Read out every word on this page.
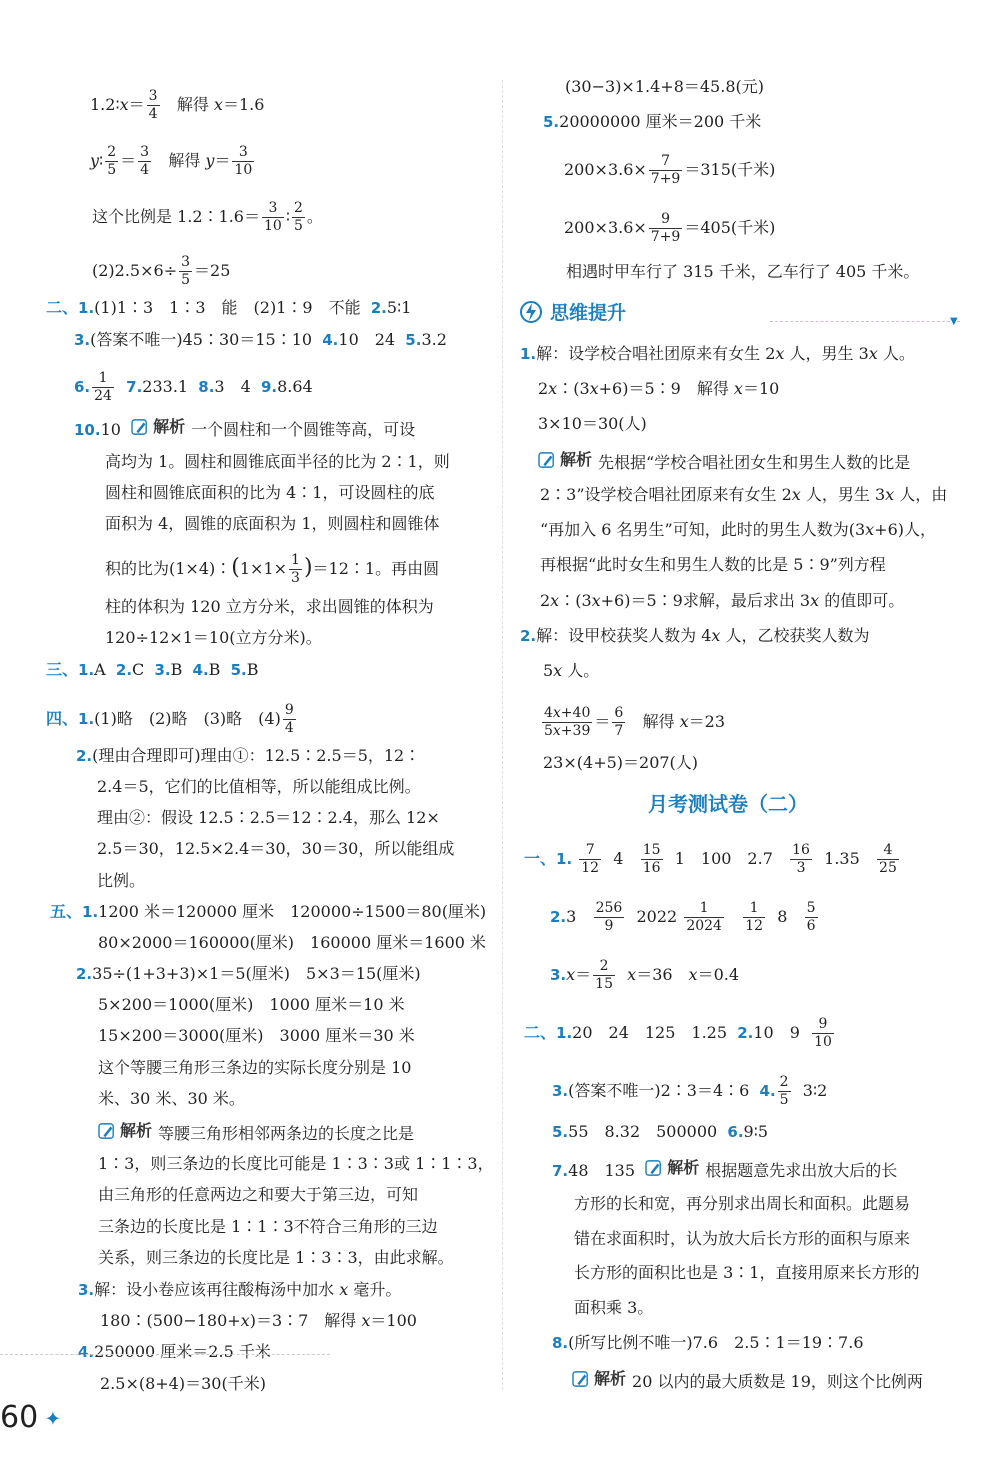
1.2∶𝑥＝ $\frac{3}{4}$ 解得 𝑥＝1.6
𝑦∶ $\frac{2}{5} = \frac{3}{4}$ 解得 𝑦＝ $\frac{3}{10}$
这个比例是 1.2∶1.6＝ $\frac{3}{10}$ ∶ $\frac{2}{5}$ 。
$(2)2.5\times 6\div \frac{3}{5} =25$
二、1.(1)1∶3　1∶3　能　(2)1∶9　不能 2.5∶1
3.(答案不唯一)45∶30＝15∶10 4.10　24 5.3.2
6. $\frac{1}{24} 7.233.1$ 8.3　4 9.8.64
10.10 解析 一个圆柱和一个圆锥等高，可设
高均为 1。圆柱和圆锥底面半径的比为 2∶1，则
圆柱和圆锥底面积的比为 4∶1，可设圆柱的底
面积为 4，圆锥的底面积为 1，则圆柱和圆锥体
积的比为(1×4)∶(1×1× $\frac{1}{3}$ )＝12∶1。再由圆
柱的体积为 120 立方分米，求出圆锥的体积为
120÷12×1＝10(立方分米)。
三、1.A 2.C 3.B 4.B 5.B
四、1.(1)略　(2)略　(3)略　$(4) \frac{9}{4}$
2.(理由合理即可)理由①：12.5∶2.5＝5，12∶
2.4＝5，它们的比值相等，所以能组成比例。
理由②：假设 12.5∶2.5＝12∶2.4，那么 12×
2.5＝30，12.5×2.4＝30，30＝30，所以能组成
比例。
五、1.1200 米＝120000 厘米　120000÷1500＝80(厘米)
80×2000＝160000(厘米)　160000 厘米＝1600 米
2.35÷(1+3+3)×1＝5(厘米)　5×3＝15(厘米)
5×200＝1000(厘米)　1000 厘米＝10 米
15×200＝3000(厘米)　3000 厘米＝30 米
这个等腰三角形三条边的实际长度分别是 10
米、30 米、30 米。
解析 等腰三角形相邻两条边的长度之比是
1∶3，则三条边的长度比可能是 1∶3∶3或 1∶1∶3，
由三角形的任意两边之和要大于第三边，可知
三条边的长度比是 1∶1∶3不符合三角形的三边
关系，则三条边的长度比是 1∶3∶3，由此求解。
3.解：设小卷应该再往酸梅汤中加水 𝑥 毫升。
180∶(500−180+𝑥)＝3∶7　解得 𝑥＝100
4.250000 厘米＝2.5 千米
2.5×(8+4)＝30(千米)
60 ✦
(30−3)×1.4+8＝45.8(元)
5.20000000 厘米＝200 千米
$200\times 3.6\times \frac{7}{7+9} =315$(千米)
$200\times 3.6\times \frac{9}{7+9} =405$(千米)
相遇时甲车行了 315 千米，乙车行了 405 千米。
思维提升	▼
1.解：设学校合唱社团原来有女生 2𝑥 人，男生 3𝑥 人。
2𝑥∶(3𝑥+6)＝5∶9　解得 𝑥＝10
3×10＝30(人)
解析 先根据“学校合唱社团女生和男生人数的比是
2∶3”设学校合唱社团原来有女生 2𝑥 人，男生 3𝑥 人，由
“再加入 6 名男生”可知，此时的男生人数为(3𝑥+6)人，
再根据“此时女生和男生人数的比是 5∶9”列方程
2𝑥∶(3𝑥+6)＝5∶9求解，最后求出 3𝑥 的值即可。
2.解：设甲校获奖人数为 4𝑥 人，乙校获奖人数为
5𝑥 人。
4𝑥+40
5𝑥+39 ＝ $\frac{6}{7}$ 解得 𝑥＝23
23×(4+5)＝207(人)
月考测试卷（二）
一、1. $\frac{7}{12} 4 \frac{15}{16} 1$　100　$2.7 \frac{16}{3} 1.35 \frac{4}{25}$
$2.3 \frac{256}{9} 2022 \frac{1}{2024}$
$\frac{1}{12} 8 \frac{5}{6}$
3.𝑥＝ $\frac{2}{15}$ 𝑥＝36　𝑥＝0.4
二、1.20　24　125　1.25 2.10　$9 \frac{9}{10}$
3.(答案不唯一)2∶3＝4∶6 4. $\frac{2}{5}$ 3∶2
5.55　8.32　500000 6.9∶5
7.48　135 解析 根据题意先求出放大后的长
方形的长和宽，再分别求出周长和面积。此题易
错在求面积时，认为放大后长方形的面积与原来
长方形的面积比也是 3∶1，直接用原来长方形的
面积乘 3。
8.(所写比例不唯一)7.6　2.5∶1＝19∶7.6
解析 20 以内的最大质数是 19，则这个比例两
